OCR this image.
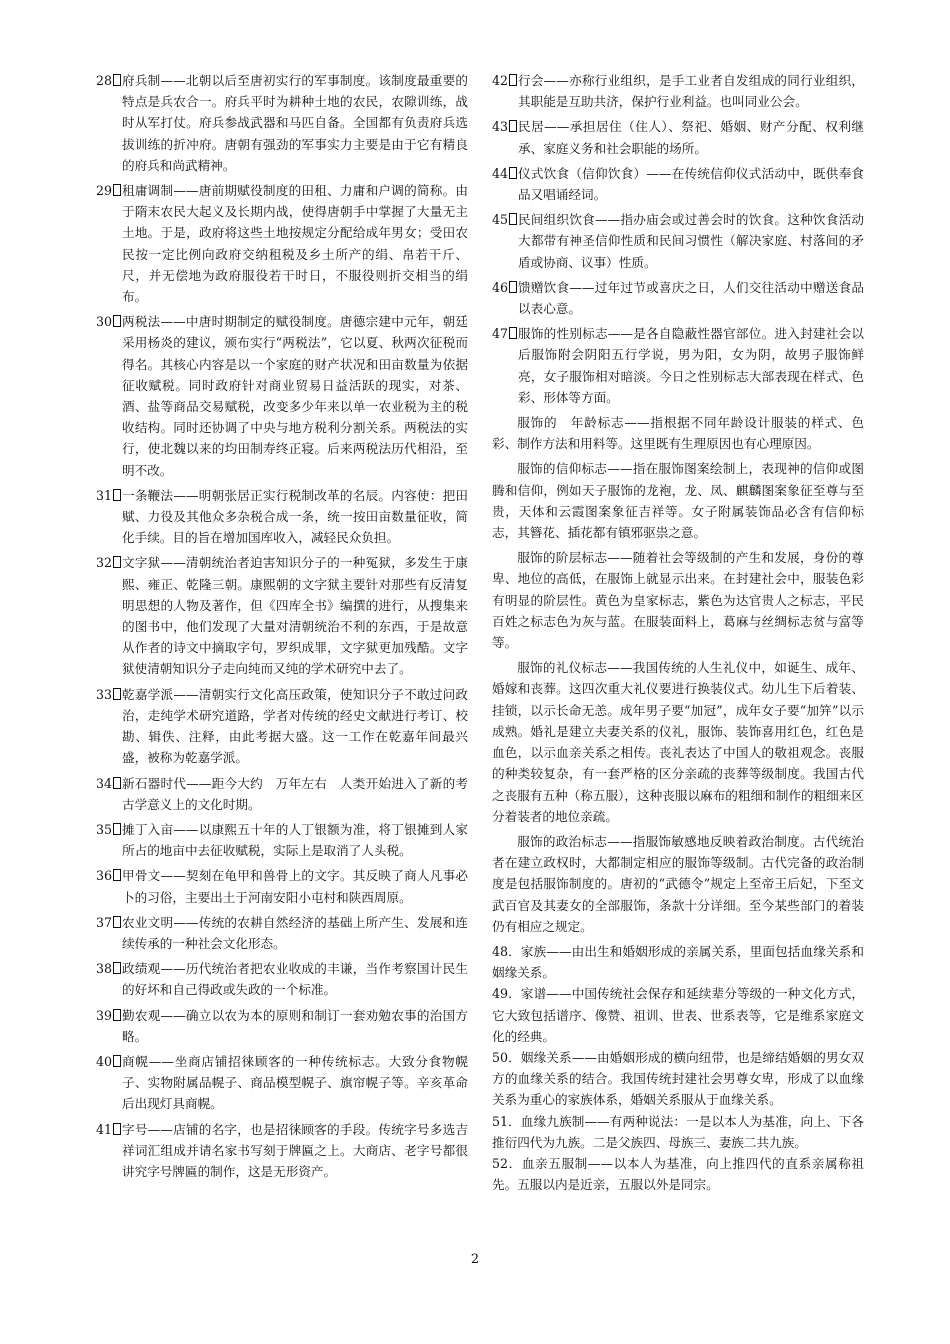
28 府兵制——北朝以后至唐初实行的军事制度。该制度最重要的特点是兵农合一。府兵平时为耕种土地的农民，农隙训练，战时从军打仗。府兵参战武器和马匹自备。全国都有负责府兵选拔训练的折冲府。唐朝有强劲的军事实力主要是由于它有精良的府兵和尚武精神。
29 租庸调制——唐前期赋役制度的田租、力庸和户调的简称。由于隋末农民大起义及长期内战，使得唐朝手中掌握了大量无主土地。于是，政府将这些土地按规定分配给成年男女；受田农民按一定比例向政府交纳租税及乡土所产的绢、帛若干斤、尺，并无偿地为政府服役若干时日，不服役则折交相当的绢布。
30 两税法——中唐时期制定的赋役制度。唐德宗建中元年，朝廷采用杨炎的建议，颁布实行“两税法”，它以夏、秋两次征税而得名。其核心内容是以一个家庭的财产状况和田亩数量为依据征收赋税。同时政府针对商业贸易日益活跃的现实，对茶、酒、盐等商品交易赋税，改变多少年来以单一农业税为主的税收结构。同时还协调了中央与地方税利分割关系。两税法的实行，使北魏以来的均田制寿终正寝。后来两税法历代相沿，至明不改。
31 一条鞭法——明朝张居正实行税制改革的名辰。内容使：把田赋、力役及其他众多杂税合成一条，统一按田亩数量征收，简化手续。目的旨在增加国库收入，减轻民众负担。
32 文字狱——清朝统治者迫害知识分子的一种冤狱，多发生于康熙、雍正、乾隆三朝。康熙朝的文字狱主要针对那些有反清复明思想的人物及著作，但《四库全书》编撰的进行，从搜集来的图书中，他们发现了大量对清朝统治不利的东西，于是故意从作者的诗文中摘取字句，罗织成罪，文字狱更加残酷。文字狱使清朝知识分子走向纯而又纯的学术研究中去了。
33 乾嘉学派——清朝实行文化高压政策，使知识分子不敢过问政治，走纯学术研究道路，学者对传统的经史文献进行考订、校勘、辑佚、注释，由此考据大盛。这一工作在乾嘉年间最兴盛，被称为乾嘉学派。
34 新石器时代——距今大约　万年左右　人类开始进入了新的考古学意义上的文化时期。
35 摊丁入亩——以康熙五十年的人丁银额为准，将丁银摊到人家所占的地亩中去征收赋税，实际上是取消了人头税。
36 甲骨文——契刻在龟甲和兽骨上的文字。其反映了商人凡事必卜的习俗，主要出土于河南安阳小屯村和陕西周原。
37 农业文明——传统的农耕自然经济的基础上所产生、发展和连续传承的一种社会文化形态。
38 政绩观——历代统治者把农业收成的丰谦，当作考察国计民生的好坏和自己得政或失政的一个标准。
39 勤农观——确立以农为本的原则和制订一套劝勉农事的治国方略。
40 商幌——坐商店铺招徕顾客的一种传统标志。大致分食物幌子、实物附属品幌子、商品模型幌子、旗帘幌子等。辛亥革命后出现灯具商幌。
41 字号——店铺的名字，也是招徕顾客的手段。传统字号多选吉祥词汇组成并请名家书写刻于牌匾之上。大商店、老字号都很讲究字号牌匾的制作，这是无形资产。
42 行会——亦称行业组织，是手工业者自发组成的同行业组织，其职能是互助共济，保护行业利益。也叫同业公会。
43 民居——承担居住（住人）、祭祀、婚姻、财产分配、权利继承、家庭义务和社会职能的场所。
44 仪式饮食（信仰饮食）——在传统信仰仪式活动中，既供奉食品又唱诵经词。
45 民间组织饮食——指办庙会或过善会时的饮食。这种饮食活动大都带有神圣信仰性质和民间习惯性（解决家庭、村落间的矛盾或协商、议事）性质。
46 馈赠饮食——过年过节或喜庆之日，人们交往活动中赠送食品以表心意。
47 服饰的性别标志——是各自隐蔽性器官部位。进入封建社会以后服饰附会阴阳五行学说，男为阳，女为阴，故男子服饰鲜亮，女子服饰相对暗淡。今日之性别标志大部表现在样式、色彩、形体等方面。

服饰的　年龄标志——指根据不同年龄设计服装的样式、色彩、制作方法和用料等。这里既有生理原因也有心理原因。

服饰的信仰标志——指在服饰图案绘制上，表现神的信仰或图腾和信仰，例如天子服饰的龙袍，龙、凤、麒麟图案象征至尊与至贵，天体和云霞图案象征吉祥等。女子附属装饰品必含有信仰标志，其簪花、插花都有镇邪驱祟之意。

服饰的阶层标志——随着社会等级制的产生和发展，身份的尊卑、地位的高低，在服饰上就显示出来。在封建社会中，服装色彩有明显的阶层性。黄色为皇家标志，紫色为达官贵人之标志，平民百姓之标志色为灰与蓝。在服装面料上，葛麻与丝绸标志贫与富等等。

服饰的礼仪标志——我国传统的人生礼仪中，如诞生、成年、婚嫁和丧葬。这四次重大礼仪要进行换装仪式。幼儿生下后着装、挂锁，以示长命无恙。成年男子要“加冠”，成年女子要“加笄”以示成熟。婚礼是建立夫妻关系的仪礼，服饰、装饰喜用红色，红色是血色，以示血亲关系之相传。丧礼表达了中国人的敬祖观念。丧服的种类较复杂，有一套严格的区分亲疏的丧葬等级制度。我国古代之丧服有五种（称五服），这种丧服以麻布的粗细和制作的粗细来区分着装者的地位亲疏。

服饰的政治标志——指服饰敏感地反映着政治制度。古代统治者在建立政权时，大都制定相应的服饰等级制。古代完备的政治制度是包括服饰制度的。唐初的“武德令”规定上至帝王后妃，下至文武百官及其妻女的全部服饰，条款十分详细。至今某些部门的着装仍有相应之规定。

48．家族——由出生和婚姻形成的亲属关系，里面包括血缘关系和姻缘关系。

49．家谱——中国传统社会保存和延续辈分等级的一种文化方式，它大致包括谱序、像赞、祖训、世表、世系表等，它是维系家庭文化的经典。

50．姻缘关系——由婚姻形成的横向纽带，也是缔结婚姻的男女双方的血缘关系的结合。我国传统封建社会男尊女卑，形成了以血缘关系为重心的家族体系，婚姻关系服从于血缘关系。

51．血缘九族制——有两种说法：一是以本人为基准，向上、下各推衍四代为九族。二是父族四、母族三、妻族二共九族。

52．血亲五服制——以本人为基准，向上推四代的直系亲属称祖先。五服以内是近亲，五服以外是同宗。

2
